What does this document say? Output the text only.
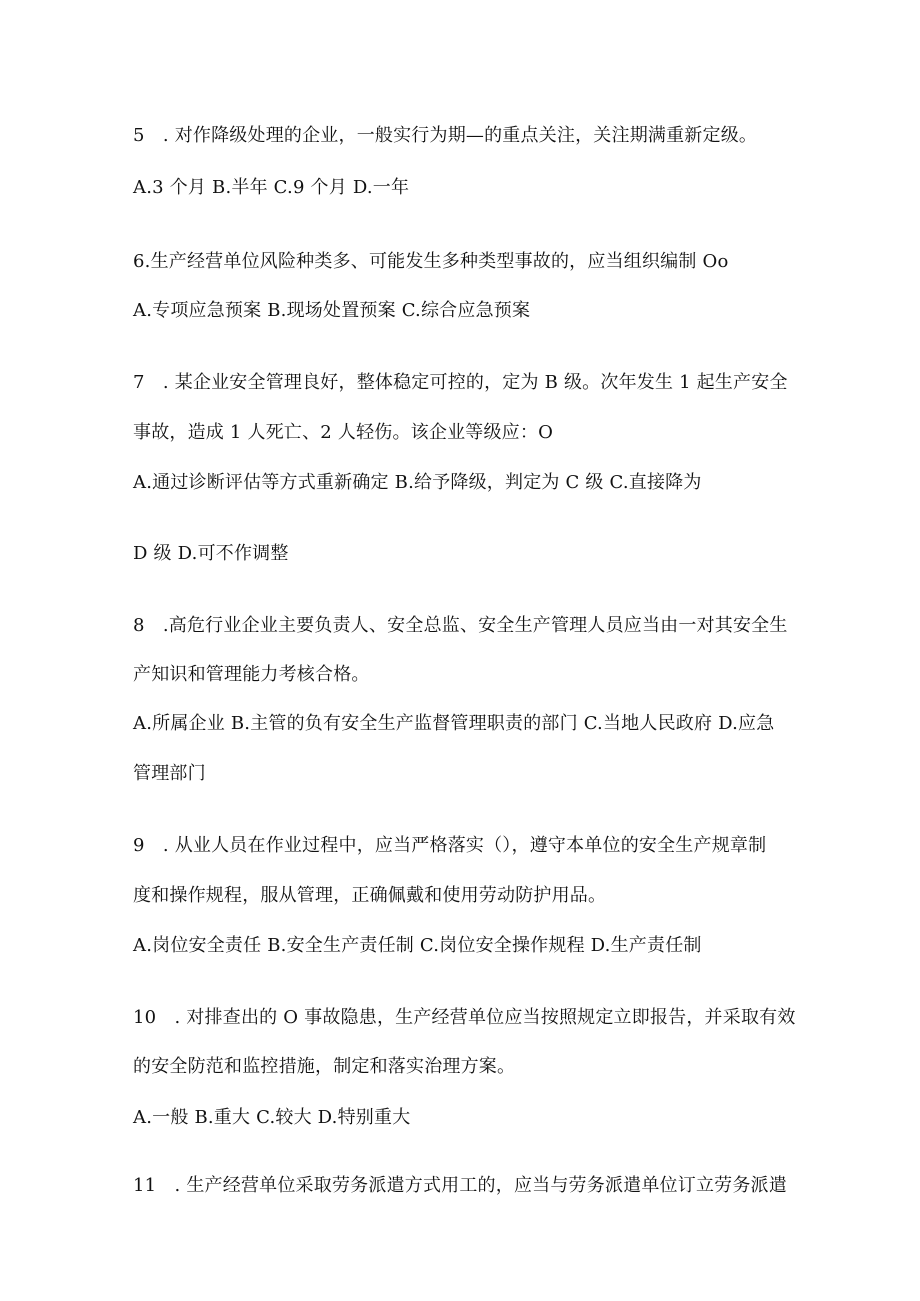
5　. 对作降级处理的企业，一般实行为期—的重点关注，关注期满重新定级。
A.3 个月 B.半年 C.9 个月 D.一年
6.生产经营单位风险种类多、可能发生多种类型事故的，应当组织编制 Oo
A.专项应急预案 B.现场处置预案 C.综合应急预案
7　. 某企业安全管理良好，整体稳定可控的，定为 B 级。次年发生 1 起生产安全
事故，造成 1 人死亡、2 人轻伤。该企业等级应：O
A.通过诊断评估等方式重新确定 B.给予降级，判定为 C 级 C.直接降为
D 级 D.可不作调整
8　.高危行业企业主要负责人、安全总监、安全生产管理人员应当由一对其安全生
产知识和管理能力考核合格。
A.所属企业 B.主管的负有安全生产监督管理职责的部门 C.当地人民政府 D.应急
管理部门
9　. 从业人员在作业过程中，应当严格落实（），遵守本单位的安全生产规章制
度和操作规程，服从管理，正确佩戴和使用劳动防护用品。
A.岗位安全责任 B.安全生产责任制 C.岗位安全操作规程 D.生产责任制
10　. 对排查出的 O 事故隐患，生产经营单位应当按照规定立即报告，并采取有效
的安全防范和监控措施，制定和落实治理方案。
A.一般 B.重大 C.较大 D.特别重大
11　. 生产经营单位采取劳务派遣方式用工的，应当与劳务派遣单位订立劳务派遣
